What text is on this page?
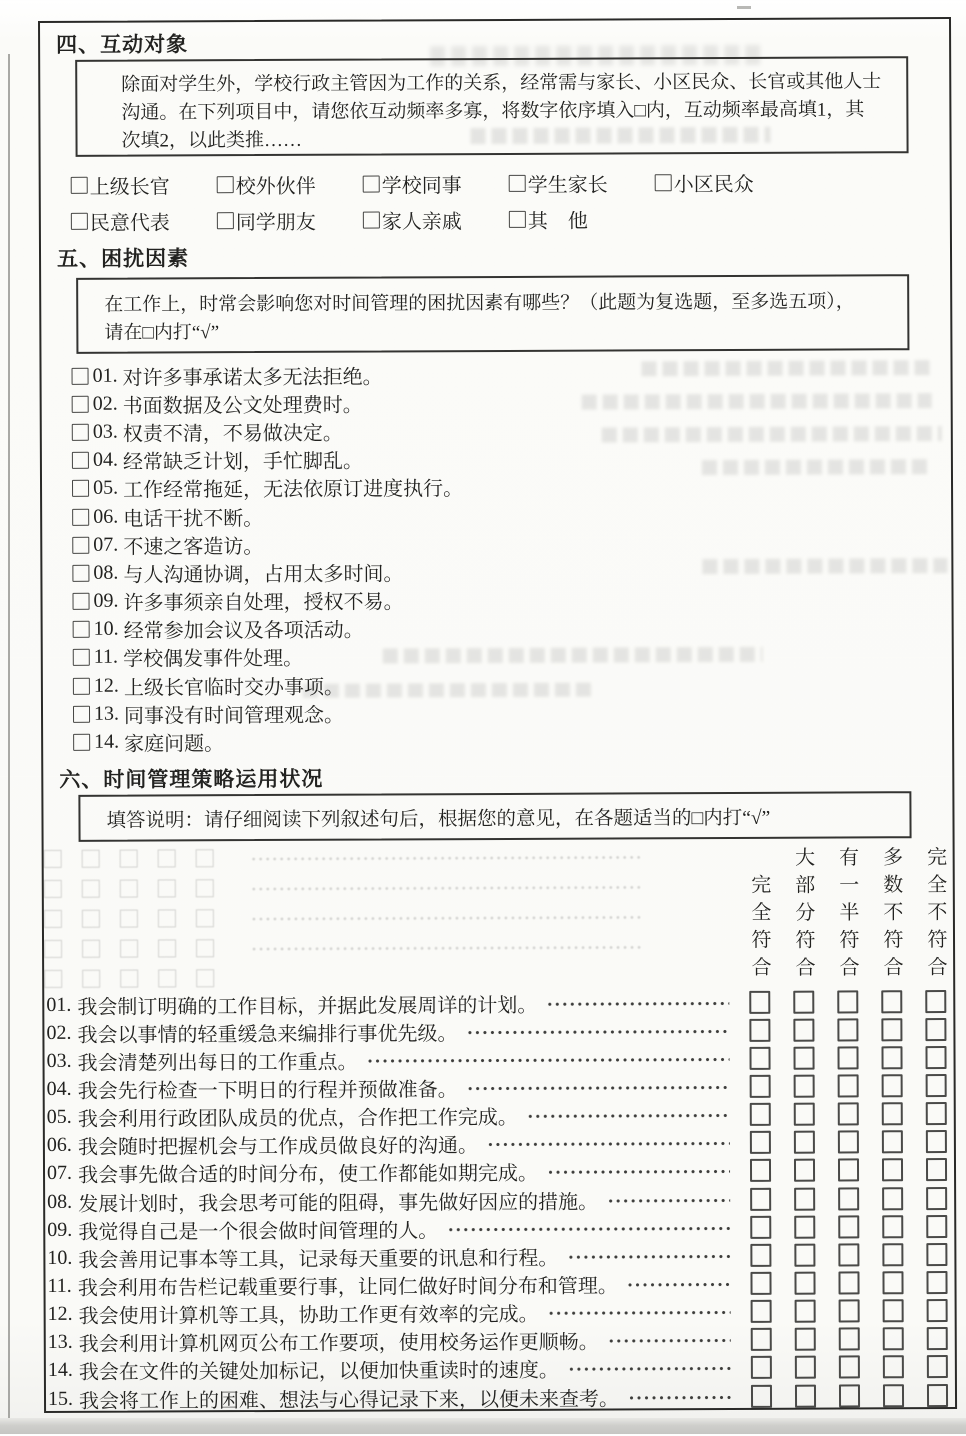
四、互动对象
除面对学生外，学校行政主管因为工作的关系，经常需与家长、小区民众、长官或其他人士
沟通。在下列项目中，请您依互动频率多寡，将数字依序填入□内，互动频率最高填1，其
次填2，以此类推……
上级长官	校外伙伴	学校同事	学生家长	小区民众
民意代表	同学朋友	家人亲戚	其　他
五、困扰因素
在工作上，时常会影响您对时间管理的困扰因素有哪些？（此题为复选题，至多选五项），
请在□内打“√”
01. 对许多事承诺太多无法拒绝。
02. 书面数据及公文处理费时。
03. 权责不清，不易做决定。
04. 经常缺乏计划，手忙脚乱。
05. 工作经常拖延，无法依原订进度执行。
06. 电话干扰不断。
07. 不速之客造访。
08. 与人沟通协调，占用太多时间。
09. 许多事须亲自处理，授权不易。
10. 经常参加会议及各项活动。
11. 学校偶发事件处理。
12. 上级长官临时交办事项。
13. 同事没有时间管理观念。
14. 家庭问题。
六、时间管理策略运用状况
填答说明：请仔细阅读下列叙述句后，根据您的意见，在各题适当的□内打“√”
完全符合	大部分符合	有一半符合	多数不符合	完全不符合
01. 我会制订明确的工作目标，并据此发展周详的计划。
02. 我会以事情的轻重缓急来编排行事优先级。
03. 我会清楚列出每日的工作重点。
04. 我会先行检查一下明日的行程并预做准备。
05. 我会利用行政团队成员的优点，合作把工作完成。
06. 我会随时把握机会与工作成员做良好的沟通。
07. 我会事先做合适的时间分布，使工作都能如期完成。
08. 发展计划时，我会思考可能的阻碍，事先做好因应的措施。
09. 我觉得自己是一个很会做时间管理的人。
10. 我会善用记事本等工具，记录每天重要的讯息和行程。
11. 我会利用布告栏记载重要行事，让同仁做好时间分布和管理。
12. 我会使用计算机等工具，协助工作更有效率的完成。
13. 我会利用计算机网页公布工作要项，使用校务运作更顺畅。
14. 我会在文件的关键处加标记，以便加快重读时的速度。
15. 我会将工作上的困难、想法与心得记录下来，以便未来查考。
